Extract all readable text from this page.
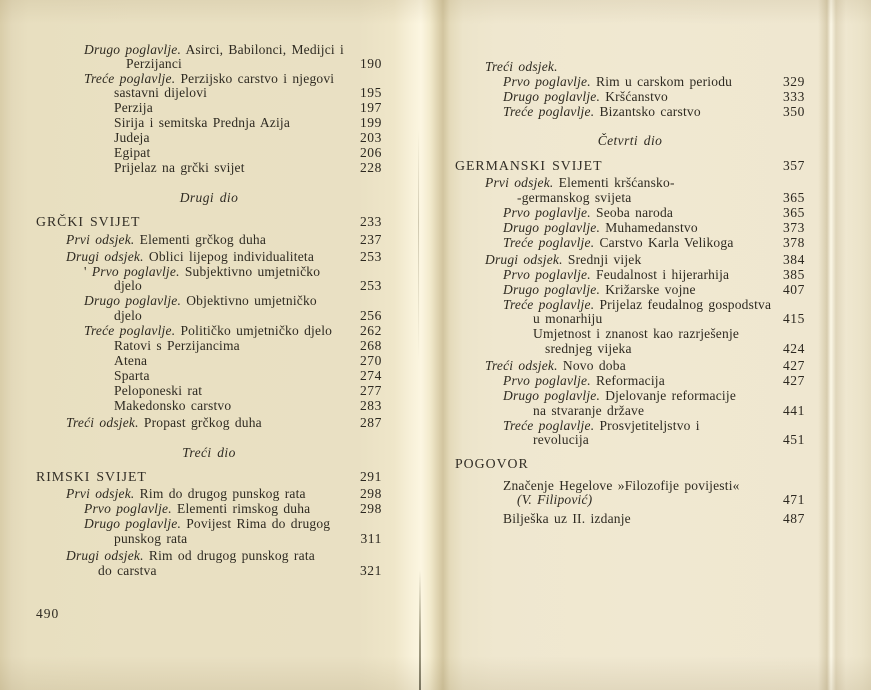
Drugo poglavlje. Asirci, Babilonci, Medijci i
Perzijanci	190
Treće poglavlje. Perzijsko carstvo i njegovi
sastavni dijelovi	195
Perzija	197
Sirija i semitska Prednja Azija	199
Judeja	203
Egipat	206
Prijelaz na grčki svijet	228
Drugi dio
GRČKI SVIJET	233
Prvi odsjek. Elementi grčkog duha	237
Drugi odsjek. Oblici lijepog individualiteta	253
' Prvo poglavlje. Subjektivno umjetničko
djelo	253
Drugo poglavlje. Objektivno umjetničko
djelo	256
Treće poglavlje. Političko umjetničko djelo	262
Ratovi s Perzijancima	268
Atena	270
Sparta	274
Peloponeski rat	277
Makedonsko carstvo	283
Treći odsjek. Propast grčkog duha	287
Treći dio
RIMSKI SVIJET	291
Prvi odsjek. Rim do drugog punskog rata	298
Prvo poglavlje. Elementi rimskog duha	298
Drugo poglavlje. Povijest Rima do drugog
punskog rata	311
Drugi odsjek. Rim od drugog punskog rata
do carstva	321
490
Treći odsjek.
Prvo poglavlje. Rim u carskom periodu	329
Drugo poglavlje. Kršćanstvo	333
Treće poglavlje. Bizantsko carstvo	350
Četvrti dio
GERMANSKI SVIJET	357
Prvi odsjek. Elementi kršćansko-
-germanskog svijeta	365
Prvo poglavlje. Seoba naroda	365
Drugo poglavlje. Muhamedanstvo	373
Treće poglavlje. Carstvo Karla Velikoga	378
Drugi odsjek. Srednji vijek	384
Prvo poglavlje. Feudalnost i hijerarhija	385
Drugo poglavlje. Križarske vojne	407
Treće poglavlje. Prijelaz feudalnog gospodstva
u monarhiju	415
Umjetnost i znanost kao razrješenje
srednjeg vijeka	424
Treći odsjek. Novo doba	427
Prvo poglavlje. Reformacija	427
Drugo poglavlje. Djelovanje reformacije
na stvaranje države	441
Treće poglavlje. Prosvjetiteljstvo i
revolucija	451
POGOVOR
Značenje Hegelove »Filozofije povijesti«
(V. Filipović)	471
Bilješka uz II. izdanje	487
